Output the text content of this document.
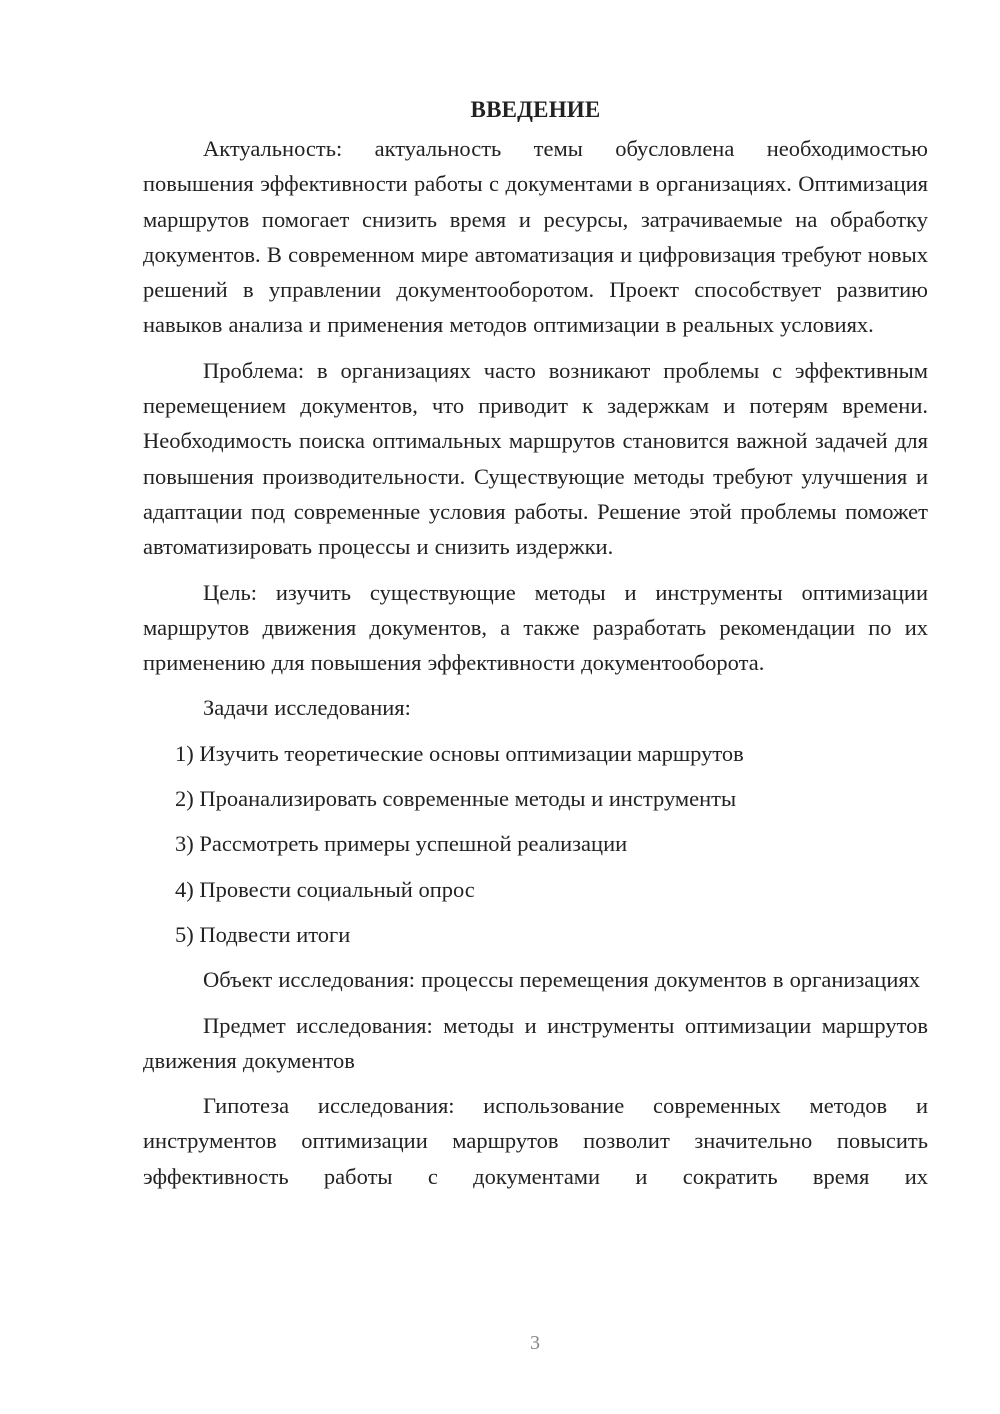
ВВЕДЕНИЕ

Актуальность: актуальность темы обусловлена необходимостью повышения эффективности работы с документами в организациях. Оптимизация маршрутов помогает снизить время и ресурсы, затрачиваемые на обработку документов. В современном мире автоматизация и цифровизация требуют новых решений в управлении документооборотом. Проект способствует развитию навыков анализа и применения методов оптимизации в реальных условиях.

Проблема: в организациях часто возникают проблемы с эффективным перемещением документов, что приводит к задержкам и потерям времени. Необходимость поиска оптимальных маршрутов становится важной задачей для повышения производительности. Существующие методы требуют улучшения и адаптации под современные условия работы. Решение этой проблемы поможет автоматизировать процессы и снизить издержки.

Цель: изучить существующие методы и инструменты оптимизации маршрутов движения документов, а также разработать рекомендации по их применению для повышения эффективности документооборота.

Задачи исследования:

1) Изучить теоретические основы оптимизации маршрутов
2) Проанализировать современные методы и инструменты
3) Рассмотреть примеры успешной реализации
4) Провести социальный опрос
5) Подвести итоги

Объект исследования: процессы перемещения документов в организациях

Предмет исследования: методы и инструменты оптимизации маршрутов движения документов

Гипотеза исследования: использование современных методов и инструментов оптимизации маршрутов позволит значительно повысить эффективность работы с документами и сократить время их

3
